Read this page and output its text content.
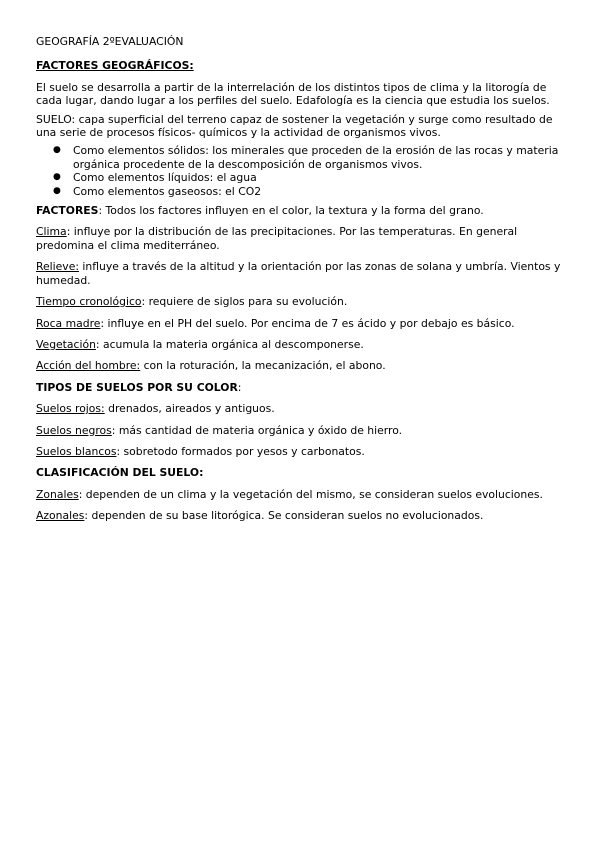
GEOGRAFÍA 2ºEVALUACIÓN

FACTORES GEOGRÁFICOS:

El suelo se desarrolla a partir de la interrelación de los distintos tipos de clima y la litorogía de cada lugar, dando lugar a los perfiles del suelo. Edafología es la ciencia que estudia los suelos.

SUELO: capa superficial del terreno capaz de sostener la vegetación y surge como resultado de una serie de procesos físicos- químicos y la actividad de organismos vivos.

● Como elementos sólidos: los minerales que proceden de la erosión de las rocas y materia orgánica procedente de la descomposición de organismos vivos.
● Como elementos líquidos: el agua
● Como elementos gaseosos: el CO2

FACTORES: Todos los factores influyen en el color, la textura y la forma del grano.

Clima: influye por la distribución de las precipitaciones. Por las temperaturas. En general predomina el clima mediterráneo.

Relieve: influye a través de la altitud y la orientación por las zonas de solana y umbría. Vientos y humedad.

Tiempo cronológico: requiere de siglos para su evolución.

Roca madre: influye en el PH del suelo. Por encima de 7 es ácido y por debajo es básico.

Vegetación: acumula la materia orgánica al descomponerse.

Acción del hombre: con la roturación, la mecanización, el abono.

TIPOS DE SUELOS POR SU COLOR:

Suelos rojos: drenados, aireados y antiguos.

Suelos negros: más cantidad de materia orgánica y óxido de hierro.

Suelos blancos: sobretodo formados por yesos y carbonatos.

CLASIFICACIÓN DEL SUELO:

Zonales: dependen de un clima y la vegetación del mismo, se consideran suelos evoluciones.

Azonales: dependen de su base litorógica. Se consideran suelos no evolucionados.
